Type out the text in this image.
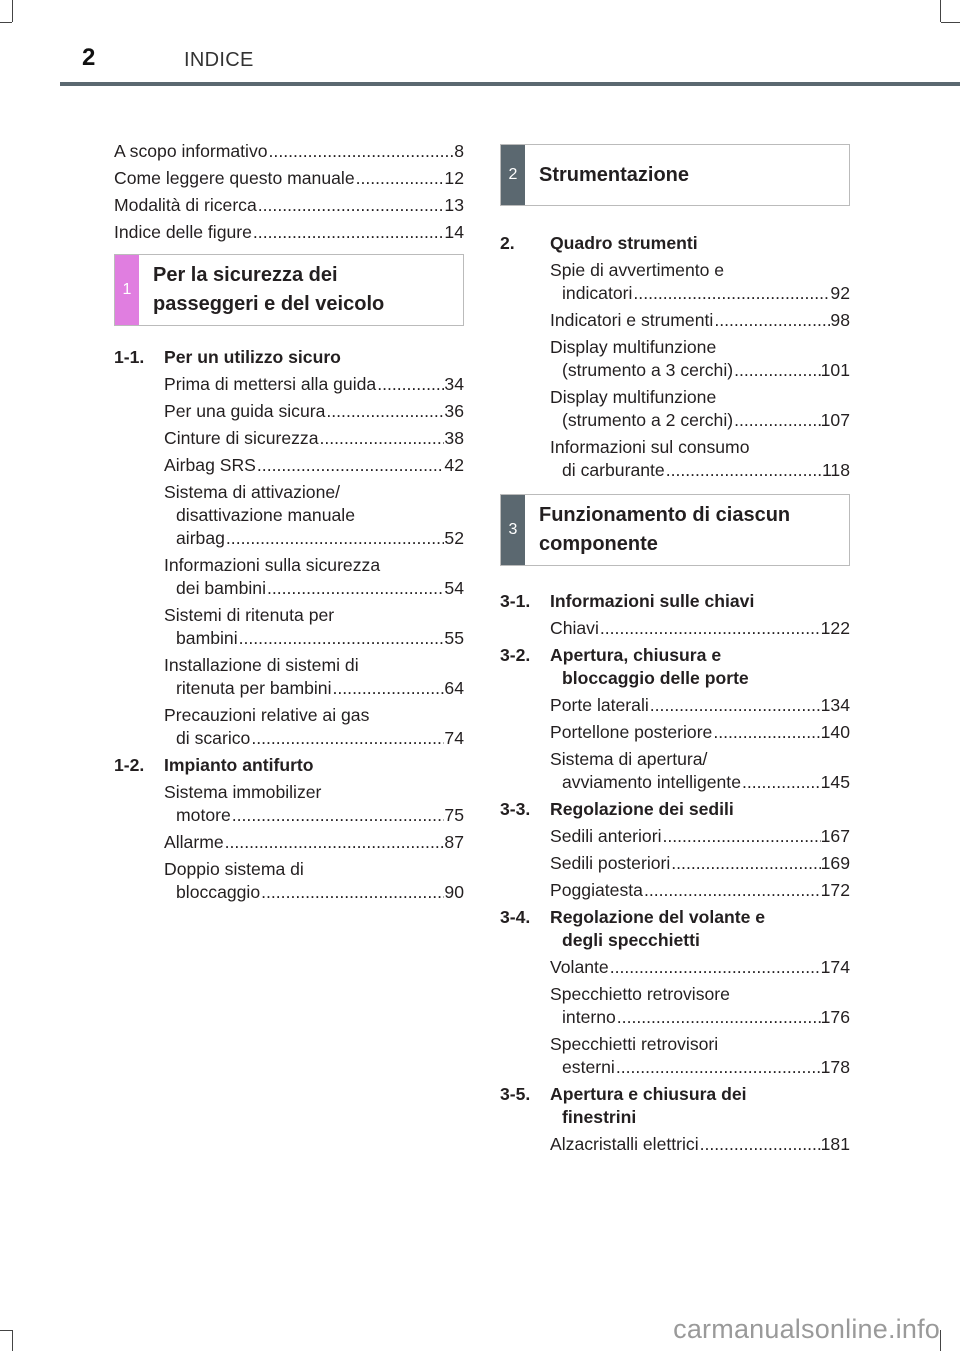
2	INDICE
A scopo informativo .....	8
Come leggere questo manuale .....	12
Modalità di ricerca .....	13
Indice delle figure .....	14
1
Per la sicurezza dei
passeggeri e del veicolo
1-1.	Per un utilizzo sicuro
Prima di mettersi alla guida .....	34
Per una guida sicura .....	36
Cinture di sicurezza .....	38
Airbag SRS .....	42
Sistema di attivazione/
disattivazione manuale
airbag .....	52
Informazioni sulla sicurezza
dei bambini .....	54
Sistemi di ritenuta per
bambini .....	55
Installazione di sistemi di
ritenuta per bambini .....	64
Precauzioni relative ai gas
di scarico .....	74
1-2.	Impianto antifurto
Sistema immobilizer
motore .....	75
Allarme .....	87
Doppio sistema di
bloccaggio .....	90
2	Strumentazione
2.	Quadro strumenti
Spie di avvertimento e
indicatori .....	92
Indicatori e strumenti .....	98
Display multifunzione
(strumento a 3 cerchi) .....	101
Display multifunzione
(strumento a 2 cerchi) .....	107
Informazioni sul consumo
di carburante .....	118
3
Funzionamento di ciascun
componente
3-1.	Informazioni sulle chiavi
Chiavi .....	122
3-2.	Apertura, chiusura e
bloccaggio delle porte
Porte laterali .....	134
Portellone posteriore .....	140
Sistema di apertura/
avviamento intelligente .....	145
3-3.	Regolazione dei sedili
Sedili anteriori .....	167
Sedili posteriori .....	169
Poggiatesta .....	172
3-4.	Regolazione del volante e
degli specchietti
Volante .....	174
Specchietto retrovisore
interno .....	176
Specchietti retrovisori
esterni .....	178
3-5.	Apertura e chiusura dei
finestrini
Alzacristalli elettrici .....	181
carmanualsonline.info
